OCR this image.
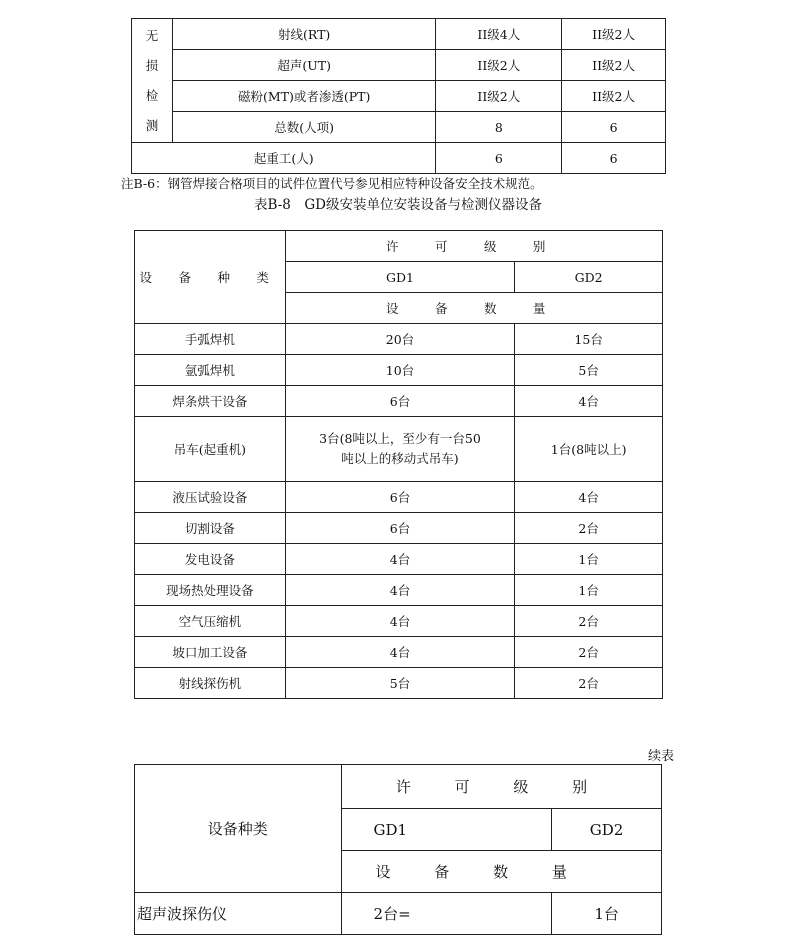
无
损
检
测	射线(RT)	II级4人	II级2人
	超声(UT)	II级2人	II级2人
	磁粉(MT)或者渗透(PT)	II级2人	II级2人
	总数(人项)	8	6
起重工(人)		6	6
注B-6：钢管焊接合格项目的试件位置代号参见相应特种设备安全技术规范。
表B-8　GD级安装单位安装设备与检测仪器设备
设 备 种 类	许 可 级 别	
	GD1	GD2
	设 备 数 量	
手弧焊机	20台	15台
氩弧焊机	10台	5台
焊条烘干设备	6台	4台
吊车(起重机)	3台(8吨以上，至少有一台50
吨以上的移动式吊车)	1台(8吨以上)
液压试验设备	6台	4台
切割设备	6台	2台
发电设备	4台	1台
现场热处理设备	4台	1台
空气压缩机	4台	2台
坡口加工设备	4台	2台
射线探伤机	5台	2台
续表
设备种类	许 可 级 别	
	GD1	GD2
	设 备 数 量	
超声波探伤仪	2台=	1台
